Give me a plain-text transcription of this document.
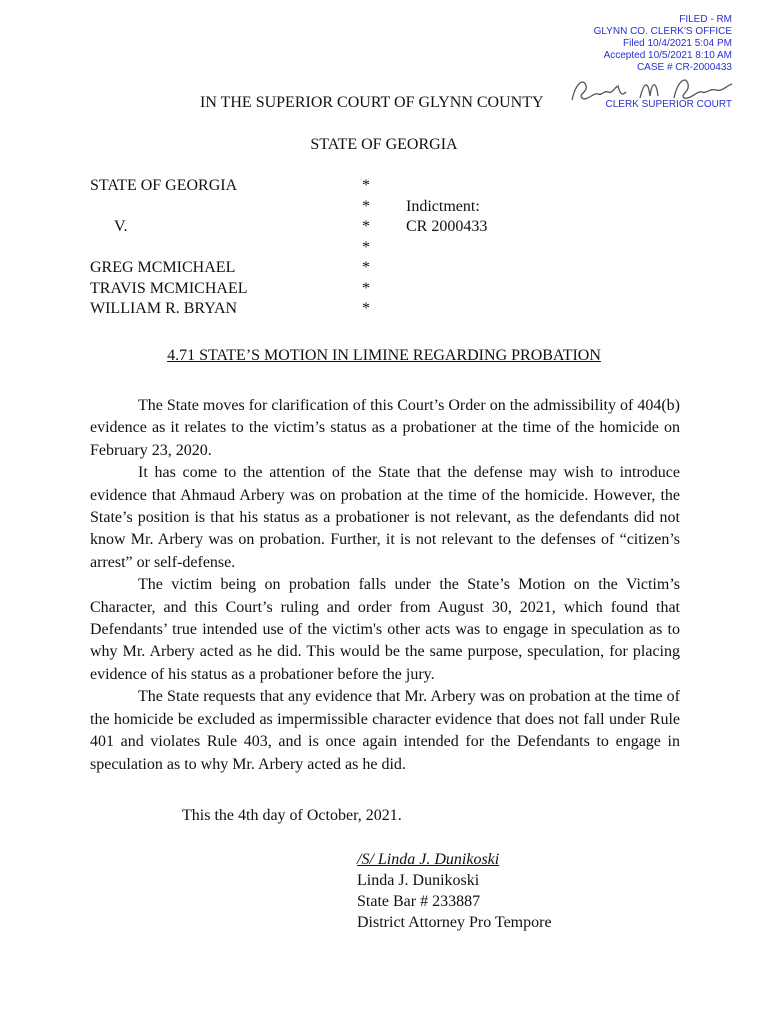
FILED - RM
GLYNN CO. CLERK'S OFFICE
Filed 10/4/2021 5:04 PM
Accepted 10/5/2021 8:10 AM
CASE # CR-2000433
CLERK SUPERIOR COURT
IN THE SUPERIOR COURT OF GLYNN COUNTY
STATE OF GEORGIA
STATE OF GEORGIA
V.
GREG MCMICHAEL
TRAVIS MCMICHAEL
WILLIAM R. BRYAN
*
*
*
*
*
*
*
Indictment:
CR 2000433
4.71 STATE’S MOTION IN LIMINE REGARDING PROBATION

The State moves for clarification of this Court’s Order on the admissibility of 404(b) evidence as it relates to the victim’s status as a probationer at the time of the homicide on February 23, 2020.

It has come to the attention of the State that the defense may wish to introduce evidence that Ahmaud Arbery was on probation at the time of the homicide. However, the State’s position is that his status as a probationer is not relevant, as the defendants did not know Mr. Arbery was on probation. Further, it is not relevant to the defenses of “citizen’s arrest” or self-defense.

The victim being on probation falls under the State’s Motion on the Victim’s Character, and this Court’s ruling and order from August 30, 2021, which found that Defendants’ true intended use of the victim's other acts was to engage in speculation as to why Mr. Arbery acted as he did. This would be the same purpose, speculation, for placing evidence of his status as a probationer before the jury.

The State requests that any evidence that Mr. Arbery was on probation at the time of the homicide be excluded as impermissible character evidence that does not fall under Rule 401 and violates Rule 403, and is once again intended for the Defendants to engage in speculation as to why Mr. Arbery acted as he did.

This the 4th day of October, 2021.
/S/ Linda J. Dunikoski
Linda J. Dunikoski
State Bar # 233887
District Attorney Pro Tempore
